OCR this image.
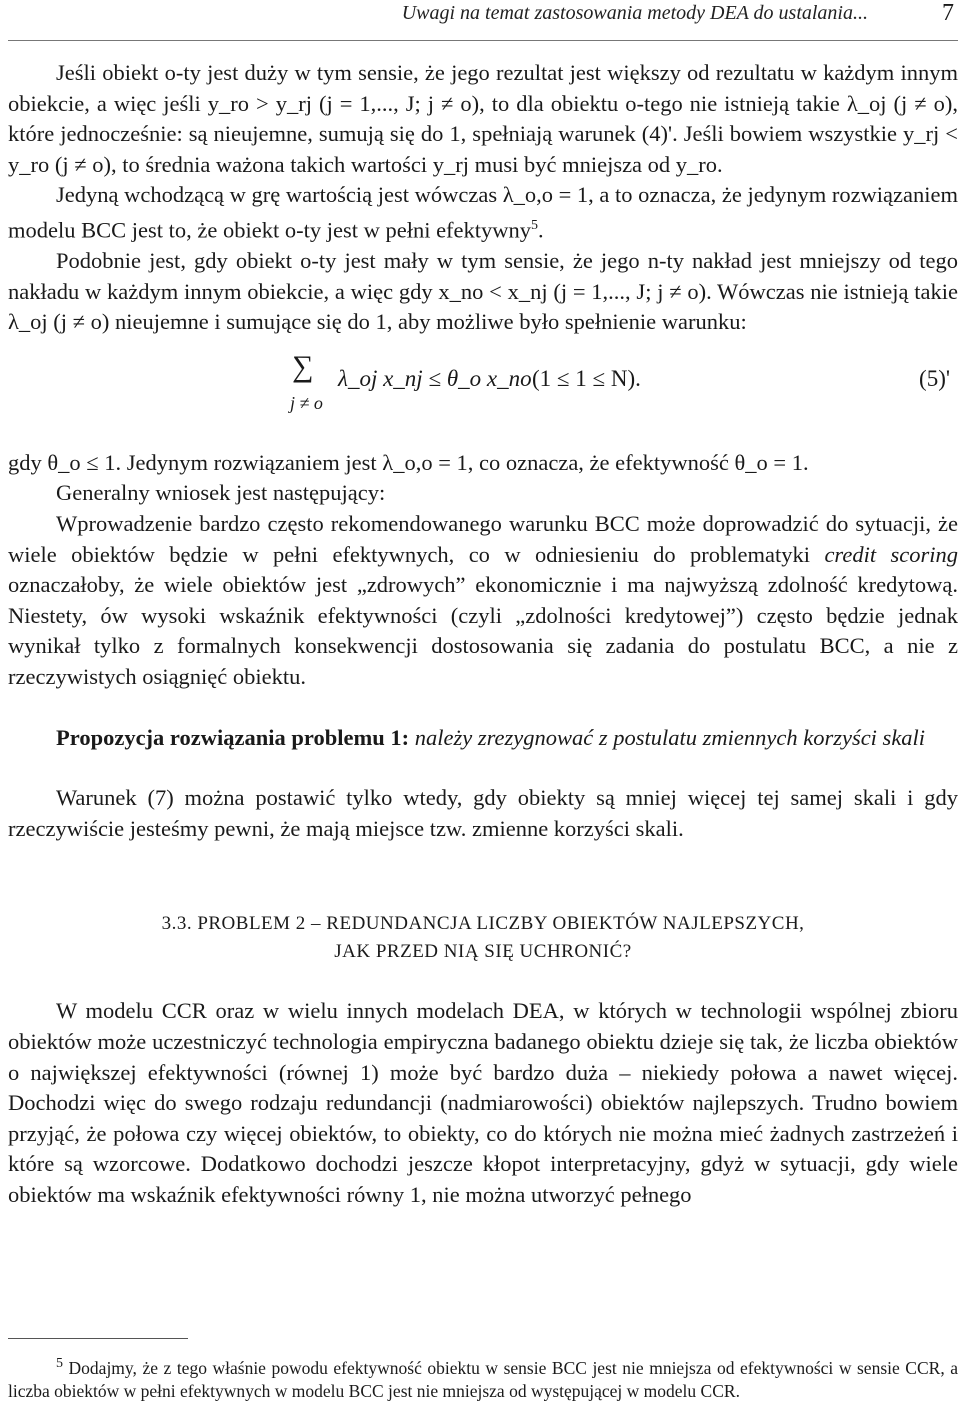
Uwagi na temat zastosowania metody DEA do ustalania...	7

Jeśli obiekt o-ty jest duży w tym sensie, że jego rezultat jest większy od rezultatu w każdym innym obiekcie, a więc jeśli y_ro > y_rj (j = 1,..., J; j ≠ o), to dla obiektu o-tego nie istnieją takie λ_oj (j ≠ o), które jednocześnie: są nieujemne, sumują się do 1, spełniają warunek (4)'. Jeśli bowiem wszystkie y_rj < y_ro (j ≠ o), to średnia ważona takich wartości y_rj musi być mniejsza od y_ro.

Jedyną wchodzącą w grę wartością jest wówczas λ_o,o = 1, a to oznacza, że jedynym rozwiązaniem modelu BCC jest to, że obiekt o-ty jest w pełni efektywny$^5$.

Podobnie jest, gdy obiekt o-ty jest mały w tym sensie, że jego n-ty nakład jest mniejszy od tego nakładu w każdym innym obiekcie, a więc gdy x_no < x_nj (j = 1,..., J; j ≠ o). Wówczas nie istnieją takie λ_oj (j ≠ o) nieujemne i sumujące się do 1, aby możliwe było spełnienie warunku:

∑
j ≠ o
λ_oj x_nj ≤ θ_o x_no (1 ≤ 1 ≤ N).	(5)'

gdy θ_o ≤ 1. Jedynym rozwiązaniem jest λ_o,o = 1, co oznacza, że efektywność θ_o = 1.

Generalny wniosek jest następujący:

Wprowadzenie bardzo często rekomendowanego warunku BCC może doprowadzić do sytuacji, że wiele obiektów będzie w pełni efektywnych, co w odniesieniu do problematyki credit scoring oznaczałoby, że wiele obiektów jest „zdrowych” ekonomicznie i ma najwyższą zdolność kredytową. Niestety, ów wysoki wskaźnik efektywności (czyli „zdolności kredytowej”) często będzie jednak wynikał tylko z formalnych konsekwencji dostosowania się zadania do postulatu BCC, a nie z rzeczywistych osiągnięć obiektu.

Propozycja rozwiązania problemu 1: należy zrezygnować z postulatu zmiennych korzyści skali

Warunek (7) można postawić tylko wtedy, gdy obiekty są mniej więcej tej samej skali i gdy rzeczywiście jesteśmy pewni, że mają miejsce tzw. zmienne korzyści skali.

3.3. PROBLEM 2 – REDUNDANCJA LICZBY OBIEKTÓW NAJLEPSZYCH,
JAK PRZED NIĄ SIĘ UCHRONIĆ?

W modelu CCR oraz w wielu innych modelach DEA, w których w technologii wspólnej zbioru obiektów może uczestniczyć technologia empiryczna badanego obiektu dzieje się tak, że liczba obiektów o największej efektywności (równej 1) może być bardzo duża – niekiedy połowa a nawet więcej. Dochodzi więc do swego rodzaju redundancji (nadmiarowości) obiektów najlepszych. Trudno bowiem przyjąć, że połowa czy więcej obiektów, to obiekty, co do których nie można mieć żadnych zastrzeżeń i które są wzorcowe. Dodatkowo dochodzi jeszcze kłopot interpretacyjny, gdyż w sytuacji, gdy wiele obiektów ma wskaźnik efektywności równy 1, nie można utworzyć pełnego

$^5$ Dodajmy, że z tego właśnie powodu efektywność obiektu w sensie BCC jest nie mniejsza od efektywności w sensie CCR, a liczba obiektów w pełni efektywnych w modelu BCC jest nie mniejsza od występującej w modelu CCR.
